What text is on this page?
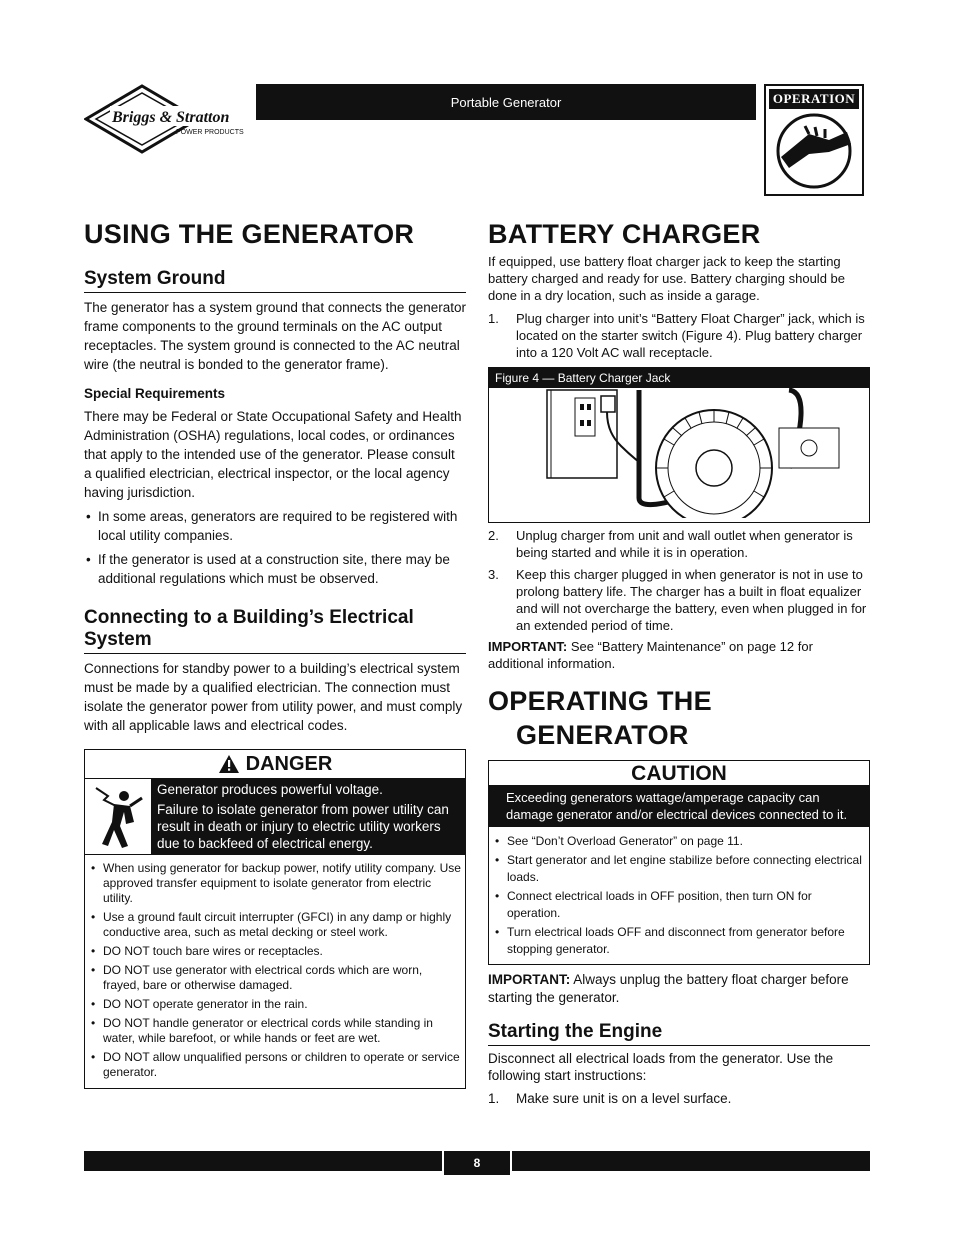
Briggs & Stratton
POWER PRODUCTS
Portable Generator	OPERATION
USING THE GENERATOR
System Ground

The generator has a system ground that connects the generator frame components to the ground terminals on the AC output receptacles. The system ground is connected to the AC neutral wire (the neutral is bonded to the generator frame).

Special Requirements

There may be Federal or State Occupational Safety and Health Administration (OSHA) regulations, local codes, or ordinances that apply to the intended use of the generator. Please consult a qualified electrician, electrical inspector, or the local agency having jurisdiction.

• In some areas, generators are required to be registered with local utility companies.
• If the generator is used at a construction site, there may be additional regulations which must be observed.
Connecting to a Building’s Electrical System

Connections for standby power to a building’s electrical system must be made by a qualified electrician. The connection must isolate the generator power from utility power, and must comply with all applicable laws and electrical codes.

DANGER

Generator produces powerful voltage.

Failure to isolate generator from power utility can result in death or injury to electric utility workers due to backfeed of electrical energy.

• When using generator for backup power, notify utility company. Use approved transfer equipment to isolate generator from electric utility.
• Use a ground fault circuit interrupter (GFCI) in any damp or highly conductive area, such as metal decking or steel work.
• DO NOT touch bare wires or receptacles.
• DO NOT use generator with electrical cords which are worn, frayed, bare or otherwise damaged.
• DO NOT operate generator in the rain.
• DO NOT handle generator or electrical cords while standing in water, while barefoot, or while hands or feet are wet.
• DO NOT allow unqualified persons or children to operate or service generator.
BATTERY CHARGER

If equipped, use battery float charger jack to keep the starting battery charged and ready for use. Battery charging should be done in a dry location, such as inside a garage.

1. Plug charger into unit’s “Battery Float Charger” jack, which is located on the starter switch (Figure 4). Plug battery charger into a 120 Volt AC wall receptacle.
Figure 4 — Battery Charger Jack
2. Unplug charger from unit and wall outlet when generator is being started and while it is in operation.
3. Keep this charger plugged in when generator is not in use to prolong battery life. The charger has a built in float equalizer and will not overcharge the battery, even when plugged in for an extended period of time.

IMPORTANT: See “Battery Maintenance” on page 12 for additional information.

OPERATING THE
GENERATOR
CAUTION
Exceeding generators wattage/amperage capacity can damage generator and/or electrical devices connected to it.
• See “Don’t Overload Generator” on page 11.
• Start generator and let engine stabilize before connecting electrical loads.
• Connect electrical loads in OFF position, then turn ON for operation.
• Turn electrical loads OFF and disconnect from generator before stopping generator.

IMPORTANT: Always unplug the battery float charger before starting the generator.

Starting the Engine

Disconnect all electrical loads from the generator. Use the following start instructions:

1. Make sure unit is on a level surface.
8
